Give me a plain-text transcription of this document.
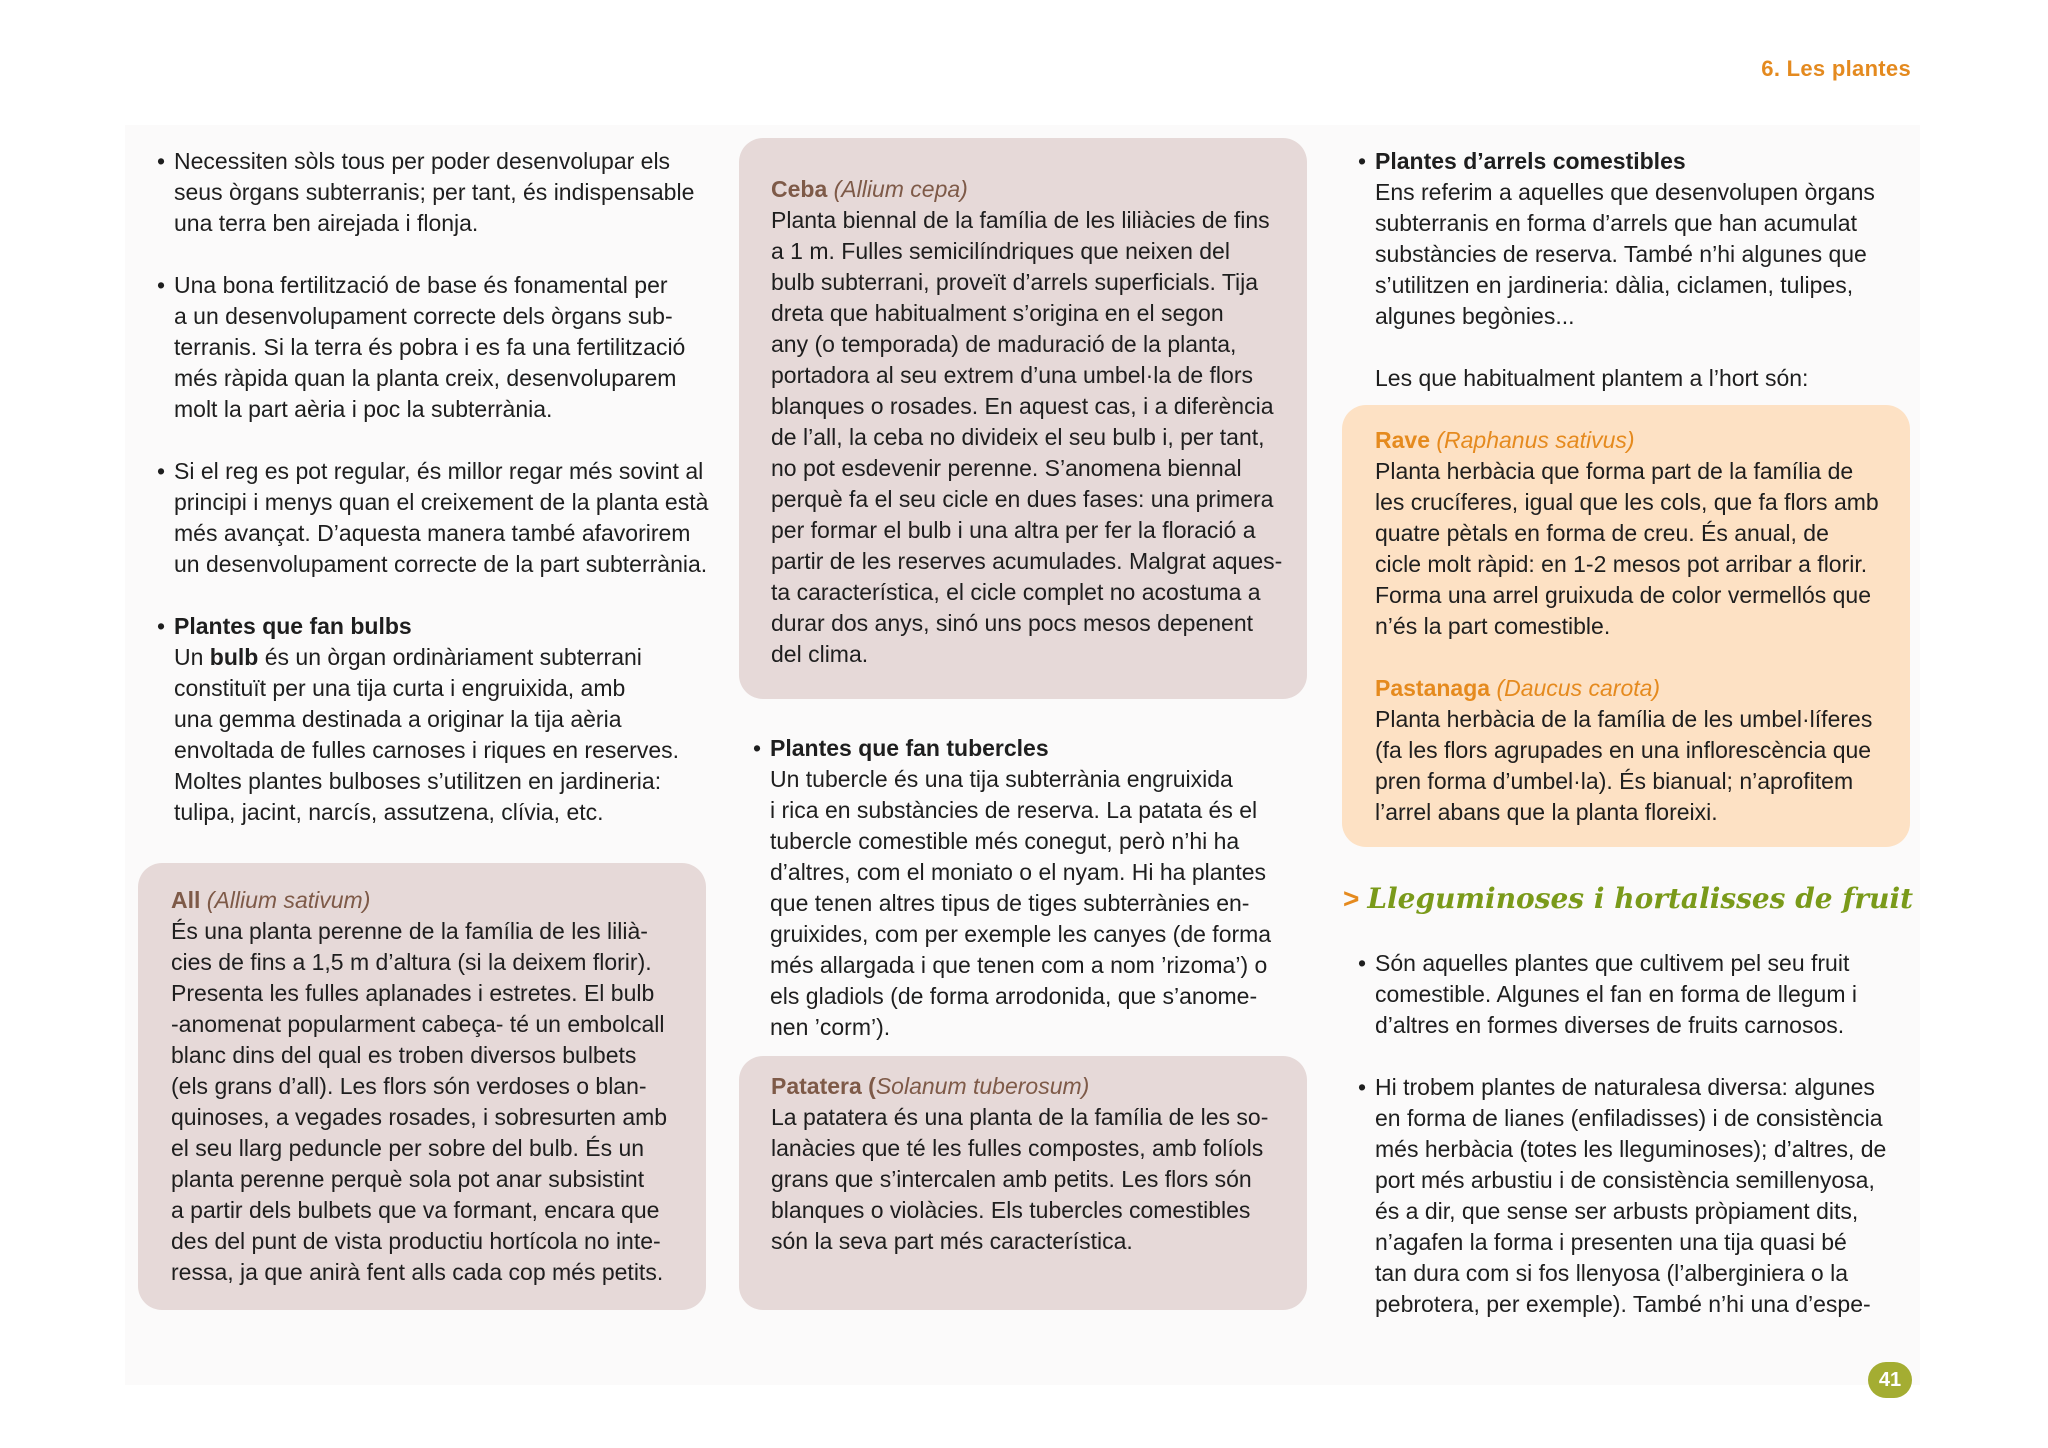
6. Les plantes
• Necessiten sòls tous per poder desenvolupar els

seus òrgans subterranis; per tant, és indispensable

una terra ben airejada i flonja.

• Una bona fertilització de base és fonamental per

a un desenvolupament correcte dels òrgans sub-

terranis. Si la terra és pobra i es fa una fertilització

més ràpida quan la planta creix, desenvoluparem

molt la part aèria i poc la subterrània.

• Si el reg es pot regular, és millor regar més sovint al

principi i menys quan el creixement de la planta està

més avançat. D’aquesta manera també afavorirem

un desenvolupament correcte de la part subterrània.

• Plantes que fan bulbs

Un bulb és un òrgan ordinàriament subterrani

constituït per una tija curta i engruixida, amb

una gemma destinada a originar la tija aèria

envoltada de fulles carnoses i riques en reserves.

Moltes plantes bulboses s’utilitzen en jardineria:

tulipa, jacint, narcís, assutzena, clívia, etc.

All (Allium sativum)

És una planta perenne de la família de les lilià-

cies de fins a 1,5 m d’altura (si la deixem florir).

Presenta les fulles aplanades i estretes. El bulb

-anomenat popularment cabeça- té un embolcall

blanc dins del qual es troben diversos bulbets

(els grans d’all). Les flors són verdoses o blan-

quinoses, a vegades rosades, i sobresurten amb

el seu llarg peduncle per sobre del bulb. És un

planta perenne perquè sola pot anar subsistint

a partir dels bulbets que va formant, encara que

des del punt de vista productiu hortícola no inte-

ressa, ja que anirà fent alls cada cop més petits.

Ceba (Allium cepa)

Planta biennal de la família de les liliàcies de fins

a 1 m. Fulles semicilíndriques que neixen del

bulb subterrani, proveït d’arrels superficials. Tija

dreta que habitualment s’origina en el segon

any (o temporada) de maduració de la planta,

portadora al seu extrem d’una umbel·la de flors

blanques o rosades. En aquest cas, i a diferència

de l’all, la ceba no divideix el seu bulb i, per tant,

no pot esdevenir perenne. S’anomena biennal

perquè fa el seu cicle en dues fases: una primera

per formar el bulb i una altra per fer la floració a

partir de les reserves acumulades. Malgrat aques-

ta característica, el cicle complet no acostuma a

durar dos anys, sinó uns pocs mesos depenent

del clima.

• Plantes que fan tubercles

Un tubercle és una tija subterrània engruixida

i rica en substàncies de reserva. La patata és el

tubercle comestible més conegut, però n’hi ha

d’altres, com el moniato o el nyam. Hi ha plantes

que tenen altres tipus de tiges subterrànies en-

gruixides, com per exemple les canyes (de forma

més allargada i que tenen com a nom ’rizoma’) o

els gladiols (de forma arrodonida, que s’anome-

nen ’corm’).

Patatera (Solanum tuberosum)

La patatera és una planta de la família de les so-

lanàcies que té les fulles compostes, amb folíols

grans que s’intercalen amb petits. Les flors són

blanques o violàcies. Els tubercles comestibles

són la seva part més característica.

• Plantes d’arrels comestibles

Ens referim a aquelles que desenvolupen òrgans

subterranis en forma d’arrels que han acumulat

substàncies de reserva. També n’hi algunes que

s’utilitzen en jardineria: dàlia, ciclamen, tulipes,

algunes begònies...

Les que habitualment plantem a l’hort són:

Rave (Raphanus sativus)

Planta herbàcia que forma part de la família de

les crucíferes, igual que les cols, que fa flors amb

quatre pètals en forma de creu. És anual, de

cicle molt ràpid: en 1-2 mesos pot arribar a florir.

Forma una arrel gruixuda de color vermellós que

n’és la part comestible.

Pastanaga (Daucus carota)

Planta herbàcia de la família de les umbel·líferes

(fa les flors agrupades en una inflorescència que

pren forma d’umbel·la). És bianual; n’aprofitem

l’arrel abans que la planta floreixi.

> Lleguminoses i hortalisses de fruit
• Són aquelles plantes que cultivem pel seu fruit

comestible. Algunes el fan en forma de llegum i

d’altres en formes diverses de fruits carnosos.

• Hi trobem plantes de naturalesa diversa: algunes

en forma de lianes (enfiladisses) i de consistència

més herbàcia (totes les lleguminoses); d’altres, de

port més arbustiu i de consistència semillenyosa,

és a dir, que sense ser arbusts pròpiament dits,

n’agafen la forma i presenten una tija quasi bé

tan dura com si fos llenyosa (l’alberginiera o la

pebrotera, per exemple). També n’hi una d’espe-

41
